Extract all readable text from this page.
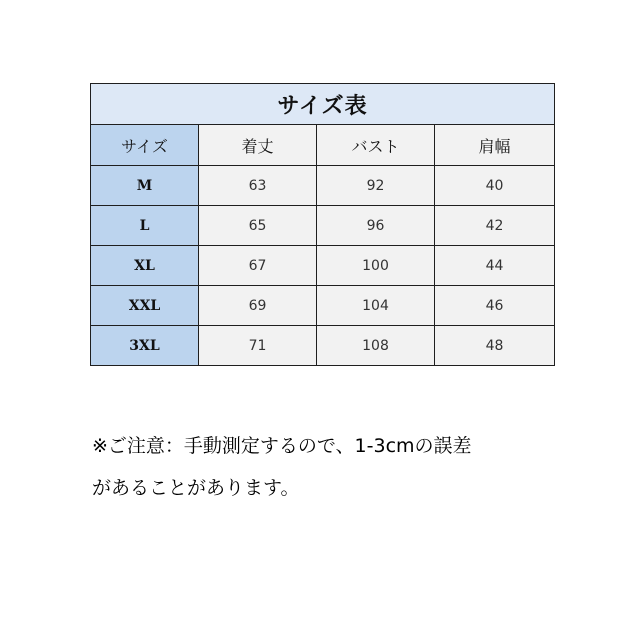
サイズ表			
サイズ	着丈	バスト	肩幅
M	63	92	40
L	65	96	42
XL	67	100	44
XXL	69	104	46
3XL	71	108	48
※ご注意：手動測定するので、1-3cmの誤差
があることがあります。
